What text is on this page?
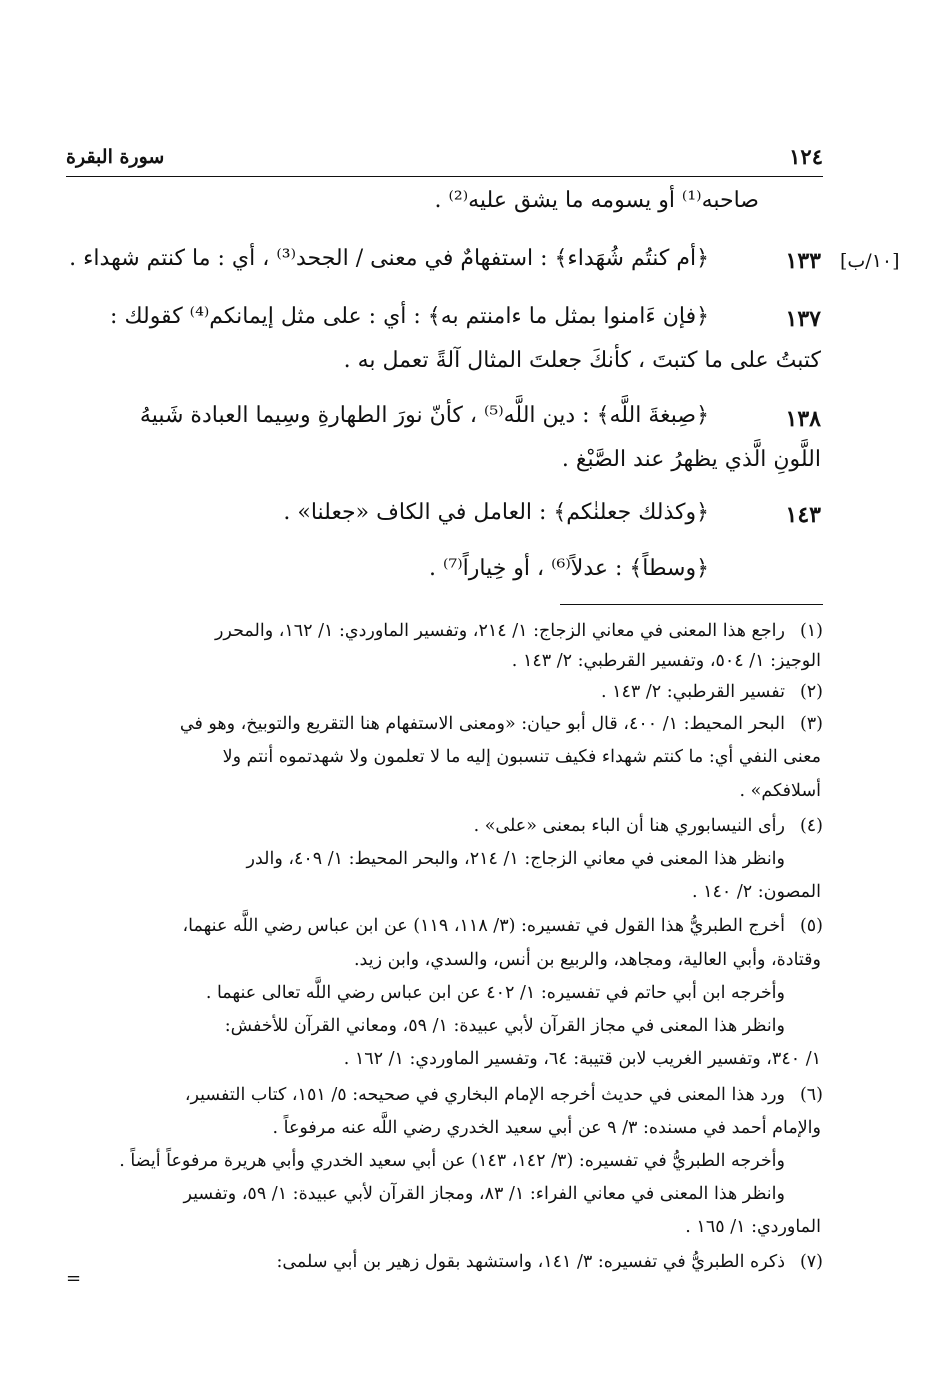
سورة البقرة	١٢٤
صاحبه⁽¹⁾ أو يسومه ما يشق عليه⁽²⁾ .
[١٠/ب]
١٣٣
﴿أم كنتُم شُهَداء﴾ : استفهامٌ في معنى / الجحد⁽³⁾ ، أي : ما كنتم شهداء .
١٣٧
﴿فإن ءَامنوا بمثل ما ءامنتم به﴾ : أي : على مثل إيمانكم⁽⁴⁾ كقولك :
كتبتُ على ما كتبتَ ، كأنكَ جعلتَ المثال آلةً تعمل به .
١٣٨
﴿صِبغةَ اللَّه﴾ : دين اللَّه⁽⁵⁾ ، كأنّ نورَ الطهارةِ وسِيما العبادة شَبيهُ
اللَّونِ الَّذي يظهرُ عند الصَّبْغ .
١٤٣
﴿وكذلك جعلنٰكم﴾ : العامل في الكاف «جعلنا» .
﴿وسطاً﴾ : عدلاً⁽⁶⁾ ، أو خِياراً⁽⁷⁾ .
(١)
راجع هذا المعنى في معاني الزجاج: ١/ ٢١٤، وتفسير الماوردي: ١/ ١٦٢، والمحرر
الوجيز: ١/ ٥٠٤، وتفسير القرطبي: ٢/ ١٤٣ .
(٢)
تفسير القرطبي: ٢/ ١٤٣ .
(٣)
البحر المحيط: ١/ ٤٠٠، قال أبو حيان: «ومعنى الاستفهام هنا التقريع والتوبيخ، وهو في
معنى النفي أي: ما كنتم شهداء فكيف تنسبون إليه ما لا تعلمون ولا شهدتموه أنتم ولا
أسلافكم» .
(٤)
رأى النيسابوري هنا أن الباء بمعنى «على» .
وانظر هذا المعنى في معاني الزجاج: ١/ ٢١٤، والبحر المحيط: ١/ ٤٠٩، والدر
المصون: ٢/ ١٤٠ .
(٥)
أخرج الطبريُّ هذا القول في تفسيره: (٣/ ١١٨، ١١٩) عن ابن عباس رضي اللَّه عنهما،
وقتادة، وأبي العالية، ومجاهد، والربيع بن أنس، والسدي، وابن زيد.
وأخرجه ابن أبي حاتم في تفسيره: ١/ ٤٠٢ عن ابن عباس رضي اللَّه تعالى عنهما .
وانظر هذا المعنى في مجاز القرآن لأبي عبيدة: ١/ ٥٩، ومعاني القرآن للأخفش:
١/ ٣٤٠، وتفسير الغريب لابن قتيبة: ٦٤، وتفسير الماوردي: ١/ ١٦٢ .
(٦)
ورد هذا المعنى في حديث أخرجه الإمام البخاري في صحيحه: ٥/ ١٥١، كتاب التفسير،
والإمام أحمد في مسنده: ٣/ ٩ عن أبي سعيد الخدري رضي اللَّه عنه مرفوعاً .
وأخرجه الطبريُّ في تفسيره: (٣/ ١٤٢، ١٤٣) عن أبي سعيد الخدري وأبي هريرة مرفوعاً أيضاً .
وانظر هذا المعنى في معاني الفراء: ١/ ٨٣، ومجاز القرآن لأبي عبيدة: ١/ ٥٩، وتفسير
الماوردي: ١/ ١٦٥ .
(٧)
ذكره الطبريُّ في تفسيره: ٣/ ١٤١، واستشهد بقول زهير بن أبي سلمى:
=
